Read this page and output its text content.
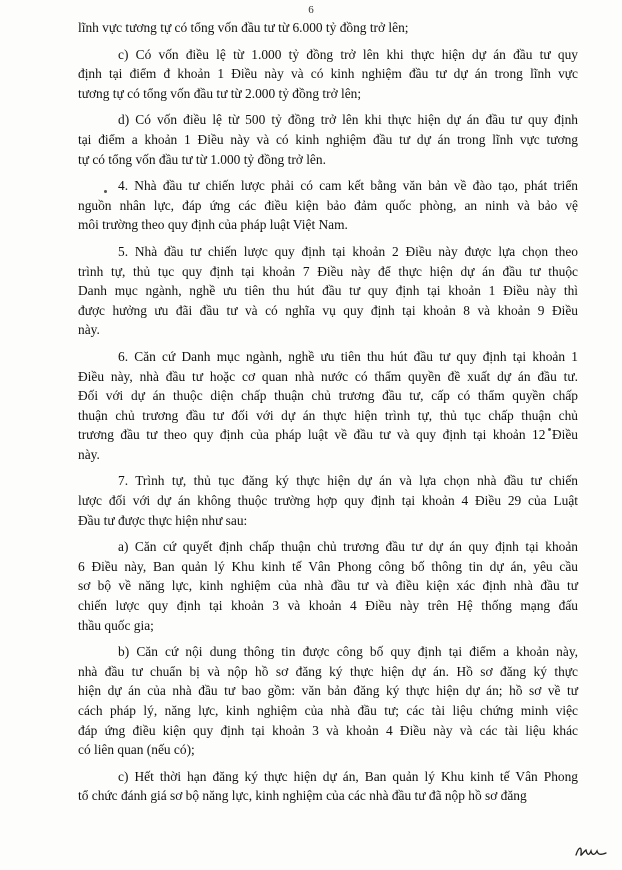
6
lĩnh vực tương tự có tổng vốn đầu tư từ 6.000 tỷ đồng trở lên;
c) Có vốn điều lệ từ 1.000 tỷ đồng trở lên khi thực hiện dự án đầu tư quy
định tại điểm đ khoản 1 Điều này và có kinh nghiệm đầu tư dự án trong lĩnh vực
tương tự có tổng vốn đầu tư từ 2.000 tỷ đồng trở lên;
d) Có vốn điều lệ từ 500 tỷ đồng trở lên khi thực hiện dự án đầu tư quy định
tại điểm a khoản 1 Điều này và có kinh nghiệm đầu tư dự án trong lĩnh vực tương
tự có tổng vốn đầu tư từ 1.000 tỷ đồng trở lên.
4. Nhà đầu tư chiến lược phải có cam kết bằng văn bản về đào tạo, phát triển
nguồn nhân lực, đáp ứng các điều kiện bảo đảm quốc phòng, an ninh và bảo vệ
môi trường theo quy định của pháp luật Việt Nam.
5. Nhà đầu tư chiến lược quy định tại khoản 2 Điều này được lựa chọn theo
trình tự, thủ tục quy định tại khoản 7 Điều này để thực hiện dự án đầu tư thuộc
Danh mục ngành, nghề ưu tiên thu hút đầu tư quy định tại khoản 1 Điều này thì
được hưởng ưu đãi đầu tư và có nghĩa vụ quy định tại khoản 8 và khoản 9 Điều
này.
6. Căn cứ Danh mục ngành, nghề ưu tiên thu hút đầu tư quy định tại khoản 1
Điều này, nhà đầu tư hoặc cơ quan nhà nước có thẩm quyền đề xuất dự án đầu tư.
Đối với dự án thuộc diện chấp thuận chủ trương đầu tư, cấp có thẩm quyền chấp
thuận chủ trương đầu tư đối với dự án thực hiện trình tự, thủ tục chấp thuận chủ
trương đầu tư theo quy định của pháp luật về đầu tư và quy định tại khoản 12 Điều
này.
7. Trình tự, thủ tục đăng ký thực hiện dự án và lựa chọn nhà đầu tư chiến
lược đối với dự án không thuộc trường hợp quy định tại khoản 4 Điều 29 của Luật
Đầu tư được thực hiện như sau:
a) Căn cứ quyết định chấp thuận chủ trương đầu tư dự án quy định tại khoản
6 Điều này, Ban quản lý Khu kinh tế Vân Phong công bố thông tin dự án, yêu cầu
sơ bộ về năng lực, kinh nghiệm của nhà đầu tư và điều kiện xác định nhà đầu tư
chiến lược quy định tại khoản 3 và khoản 4 Điều này trên Hệ thống mạng đấu
thầu quốc gia;
b) Căn cứ nội dung thông tin được công bố quy định tại điểm a khoản này,
nhà đầu tư chuẩn bị và nộp hồ sơ đăng ký thực hiện dự án. Hồ sơ đăng ký thực
hiện dự án của nhà đầu tư bao gồm: văn bản đăng ký thực hiện dự án; hồ sơ về tư
cách pháp lý, năng lực, kinh nghiệm của nhà đầu tư; các tài liệu chứng minh việc
đáp ứng điều kiện quy định tại khoản 3 và khoản 4 Điều này và các tài liệu khác
có liên quan (nếu có);
c) Hết thời hạn đăng ký thực hiện dự án, Ban quản lý Khu kinh tế Vân Phong
tổ chức đánh giá sơ bộ năng lực, kinh nghiệm của các nhà đầu tư đã nộp hồ sơ đăng
